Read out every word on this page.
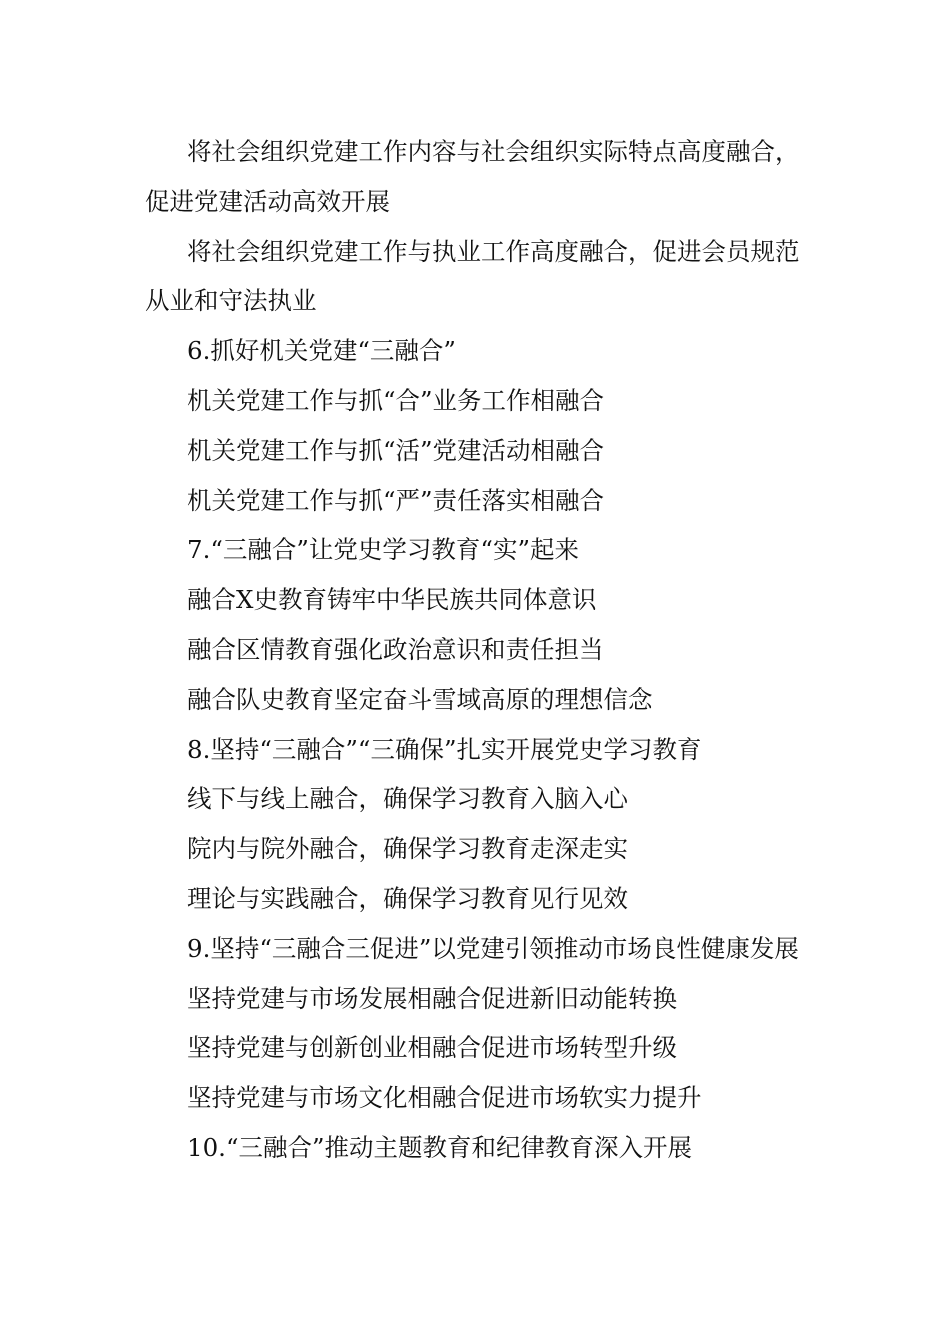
将社会组织党建工作内容与社会组织实际特点高度融合，促进党建活动高效开展

将社会组织党建工作与执业工作高度融合，促进会员规范从业和守法执业

6.抓好机关党建“三融合”

机关党建工作与抓“合”业务工作相融合

机关党建工作与抓“活”党建活动相融合

机关党建工作与抓“严”责任落实相融合

7.“三融合”让党史学习教育“实”起来

融合X史教育铸牢中华民族共同体意识

融合区情教育强化政治意识和责任担当

融合队史教育坚定奋斗雪域高原的理想信念

8.坚持“三融合”“三确保”扎实开展党史学习教育

线下与线上融合，确保学习教育入脑入心

院内与院外融合，确保学习教育走深走实

理论与实践融合，确保学习教育见行见效

9.坚持“三融合三促进”以党建引领推动市场良性健康发展

坚持党建与市场发展相融合促进新旧动能转换

坚持党建与创新创业相融合促进市场转型升级

坚持党建与市场文化相融合促进市场软实力提升

10.“三融合”推动主题教育和纪律教育深入开展
